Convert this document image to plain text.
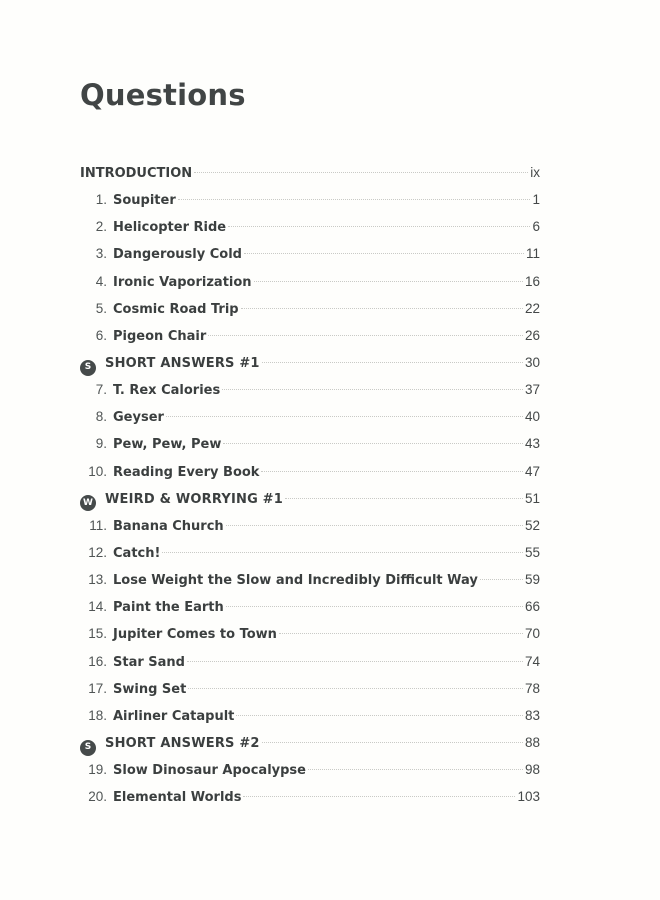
Questions
INTRODUCTION	ix
1. Soupiter	1
2. Helicopter Ride	6
3. Dangerously Cold	11
4. Ironic Vaporization	16
5. Cosmic Road Trip	22
6. Pigeon Chair	26
S	SHORT ANSWERS #1	30
7. T. Rex Calories	37
8. Geyser	40
9. Pew, Pew, Pew	43
10. Reading Every Book	47
W WEIRD & WORRYING #1	51
11. Banana Church	52
12. Catch!	55
13. Lose Weight the Slow and Incredibly Difficult Way	59
14. Paint the Earth	66
15. Jupiter Comes to Town	70
16. Star Sand	74
17. Swing Set	78
18. Airliner Catapult	83
S	SHORT ANSWERS #2	88
19. Slow Dinosaur Apocalypse	98
20. Elemental Worlds	103
